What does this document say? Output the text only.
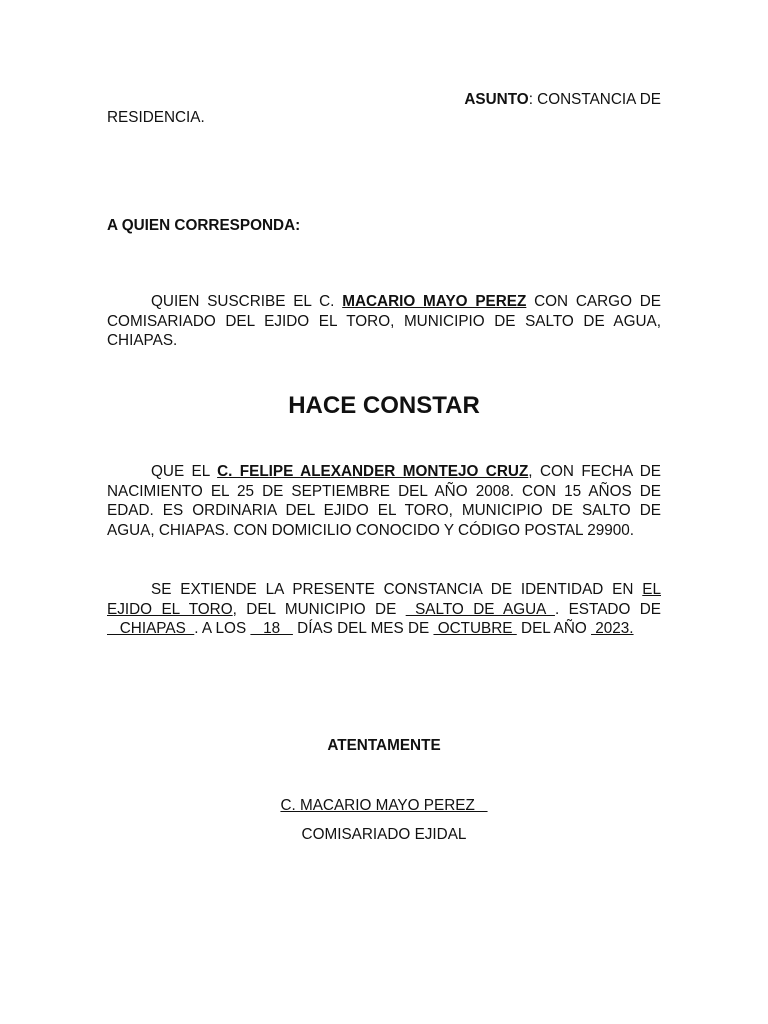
ASUNTO: CONSTANCIA DE
RESIDENCIA.
A QUIEN CORRESPONDA:
QUIEN SUSCRIBE EL C. MACARIO MAYO PEREZ CON CARGO DE COMISARIADO DEL EJIDO EL TORO, MUNICIPIO DE SALTO DE AGUA, CHIAPAS.
HACE CONSTAR
QUE EL C. FELIPE ALEXANDER MONTEJO CRUZ, CON FECHA DE NACIMIENTO EL 25 DE SEPTIEMBRE DEL AÑO 2008. CON 15 AÑOS DE EDAD. ES ORDINARIA DEL EJIDO EL TORO, MUNICIPIO DE SALTO DE AGUA, CHIAPAS. CON DOMICILIO CONOCIDO Y CÓDIGO POSTAL 29900.
SE EXTIENDE LA PRESENTE CONSTANCIA DE IDENTIDAD EN EL EJIDO EL TORO, DEL MUNICIPIO DE  SALTO DE AGUA . ESTADO DE    CHIAPAS  . A LOS    18    DÍAS DEL MES DE  OCTUBRE  DEL AÑO  2023.
ATENTAMENTE
C. MACARIO MAYO PEREZ
COMISARIADO EJIDAL
